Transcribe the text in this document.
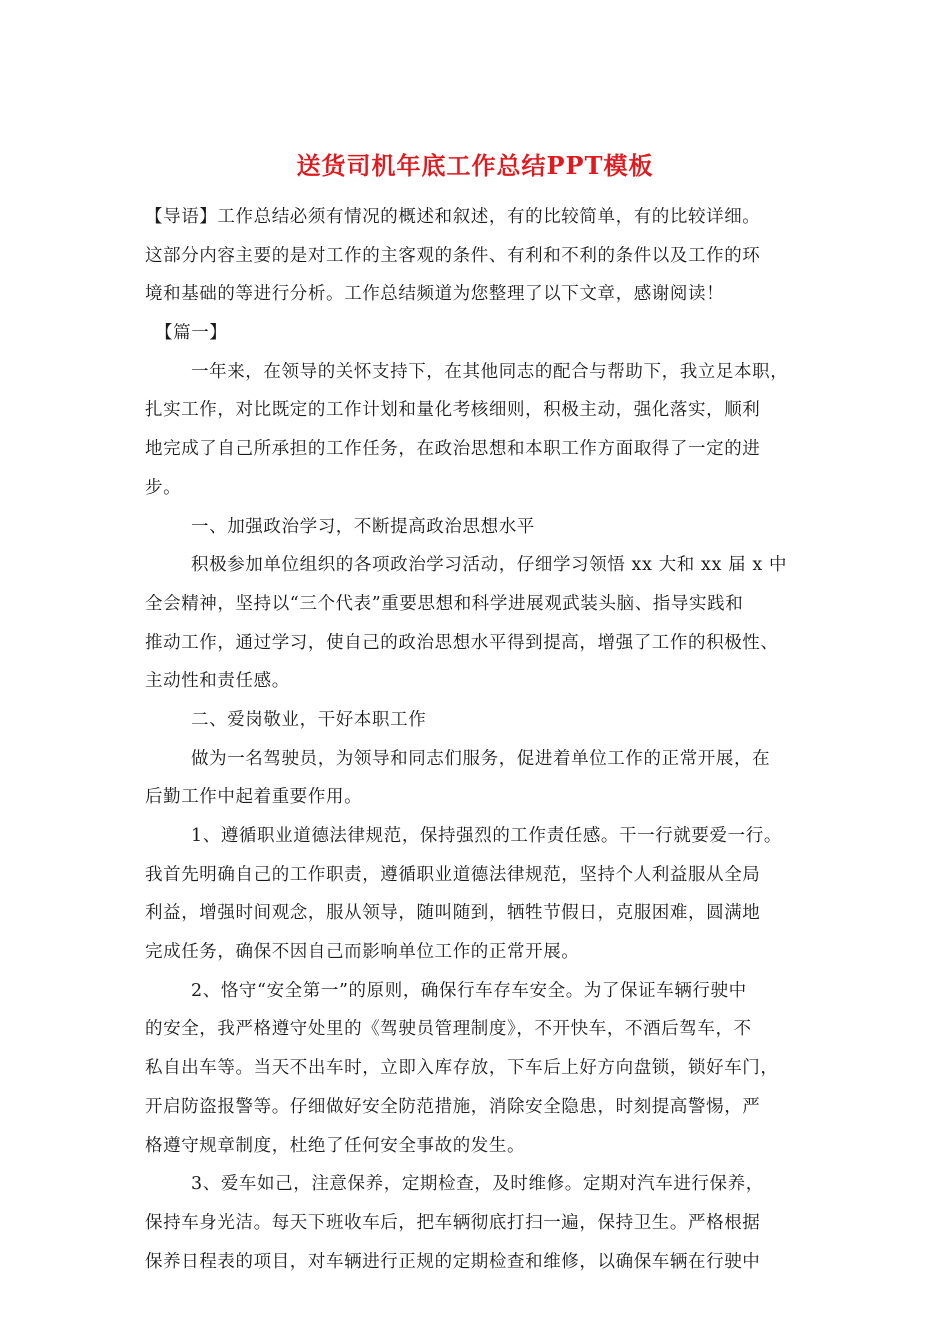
送货司机年底工作总结PPT模板
【导语】工作总结必须有情况的概述和叙述，有的比较简单，有的比较详细。
这部分内容主要的是对工作的主客观的条件、有利和不利的条件以及工作的环
境和基础的等进行分析。工作总结频道为您整理了以下文章，感谢阅读！
【篇一】
一年来，在领导的关怀支持下，在其他同志的配合与帮助下，我立足本职，
扎实工作，对比既定的工作计划和量化考核细则，积极主动，强化落实，顺利
地完成了自己所承担的工作任务，在政治思想和本职工作方面取得了一定的进
步。
一、加强政治学习，不断提高政治思想水平
积极参加单位组织的各项政治学习活动，仔细学习领悟 xx 大和 xx 届 x 中
全会精神，坚持以“三个代表”重要思想和科学进展观武装头脑、指导实践和
推动工作，通过学习，使自己的政治思想水平得到提高，增强了工作的积极性、
主动性和责任感。
二、爱岗敬业，干好本职工作
做为一名驾驶员，为领导和同志们服务，促进着单位工作的正常开展，在
后勤工作中起着重要作用。
1、遵循职业道德法律规范，保持强烈的工作责任感。干一行就要爱一行。
我首先明确自己的工作职责，遵循职业道德法律规范，坚持个人利益服从全局
利益，增强时间观念，服从领导，随叫随到，牺牲节假日，克服困难，圆满地
完成任务，确保不因自己而影响单位工作的正常开展。
2、恪守“安全第一”的原则，确保行车存车安全。为了保证车辆行驶中
的安全，我严格遵守处里的《驾驶员管理制度》，不开快车，不酒后驾车，不
私自出车等。当天不出车时，立即入库存放，下车后上好方向盘锁，锁好车门，
开启防盗报警等。仔细做好安全防范措施，消除安全隐患，时刻提高警惕，严
格遵守规章制度，杜绝了任何安全事故的发生。
3、爱车如己，注意保养，定期检查，及时维修。定期对汽车进行保养，
保持车身光洁。每天下班收车后，把车辆彻底打扫一遍，保持卫生。严格根据
保养日程表的项目，对车辆进行正规的定期检查和维修，以确保车辆在行驶中
